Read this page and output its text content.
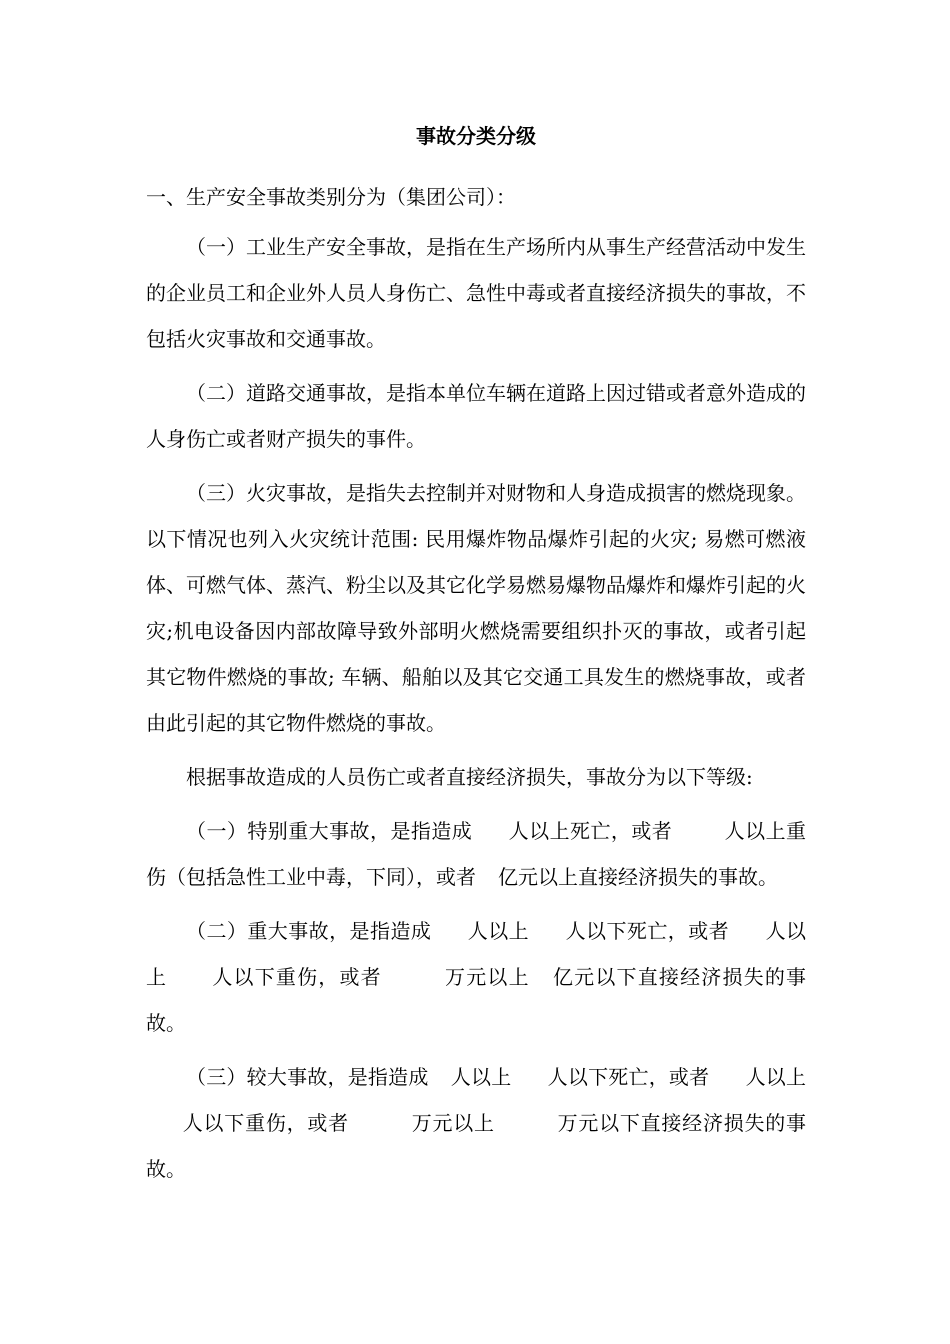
事故分类分级

一、生产安全事故类别分为（集团公司）：

（一）工业生产安全事故，是指在生产场所内从事生产经营活动中发生的企业员工和企业外人员人身伤亡、急性中毒或者直接经济损失的事故，不包括火灾事故和交通事故。

（二）道路交通事故，是指本单位车辆在道路上因过错或者意外造成的人身伤亡或者财产损失的事件。

（三）火灾事故，是指失去控制并对财物和人身造成损害的燃烧现象。以下情况也列入火灾统计范围: 民用爆炸物品爆炸引起的火灾; 易燃可燃液体、可燃气体、蒸汽、粉尘以及其它化学易燃易爆物品爆炸和爆炸引起的火灾;机电设备因内部故障导致外部明火燃烧需要组织扑灭的事故，或者引起其它物件燃烧的事故; 车辆、船舶以及其它交通工具发生的燃烧事故，或者由此引起的其它物件燃烧的事故。

根据事故造成的人员伤亡或者直接经济损失，事故分为以下等级:

（一）特别重大事故，是指造成 人以上死亡，或者	人以上重伤（包括急性工业中毒，下同），或者 亿元以上直接经济损失的事故。

（二）重大事故，是指造成 人以上 人以下死亡，或者 人以上 人以下重伤，或者	万元以上 亿元以下直接经济损失的事故。

（三）较大事故，是指造成 人以上 人以下死亡，或者 人以上人以下重伤，或者	万元以上	万元以下直接经济损失的事故。
